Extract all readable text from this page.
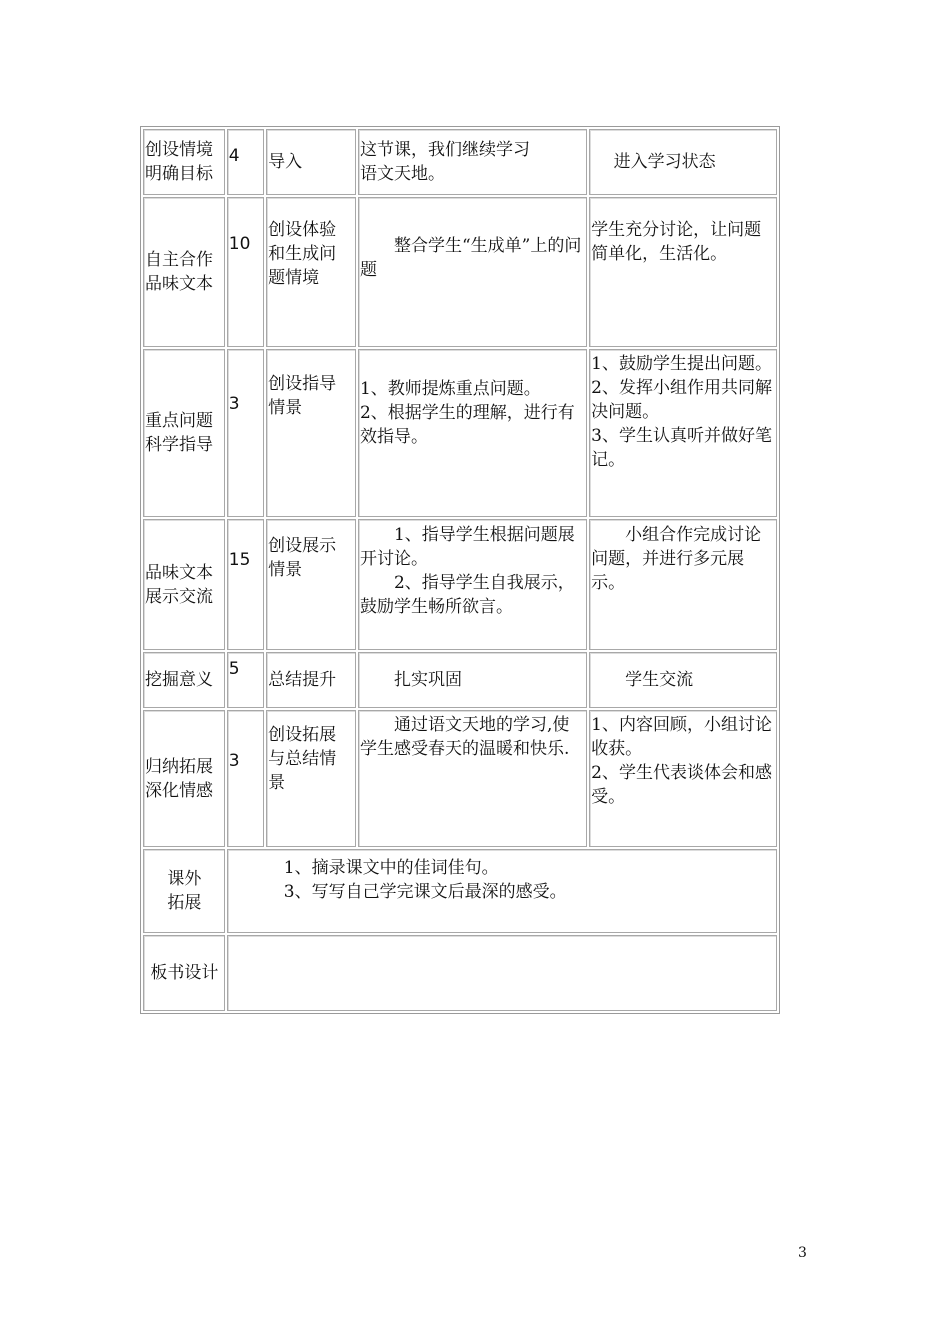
创设情境
明确目标	4	导入	这节课，我们继续学习
语文天地。	　 进入学习状态
自主合作
品味文本	10	创设体验
和生成问
题情境	　　整合学生“生成单”上的问题	学生充分讨论，让问题简单化，生活化。
重点问题
科学指导	3	创设指导
情景	1、教师提炼重点问题。
2、根据学生的理解，进行有效指导。	1、鼓励学生提出问题。
2、发挥小组作用共同解决问题。
3、学生认真听并做好笔记。
品味文本
展示交流	15	创设展示
情景	　　1、指导学生根据问题展开讨论。
　　2、指导学生自我展示，鼓励学生畅所欲言。	　　小组合作完成讨论问题，并进行多元展示。
挖掘意义	5	总结提升	　　扎实巩固	　　学生交流
归纳拓展
深化情感	3	创设拓展
与总结情
景	　　通过语文天地的学习,使学生感受春天的温暖和快乐.	1、内容回顾，小组讨论收获。
2、学生代表谈体会和感受。
课外
拓展	1、摘录课文中的佳词佳句。
3、写写自己学完课文后最深的感受。			
板书设计				
3
